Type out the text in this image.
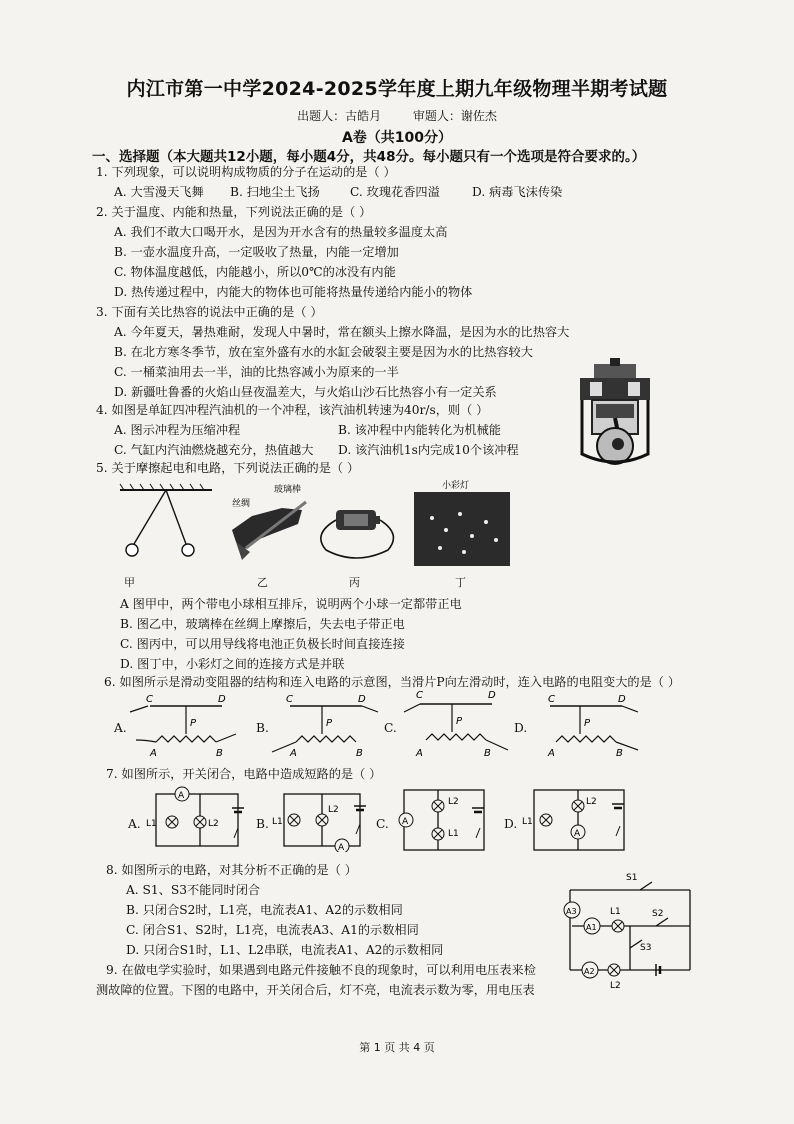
内江市第一中学2024-2025学年度上期九年级物理半期考试题
出题人：古皓月	审题人：谢佐杰
A卷（共100分）
一、选择题（本大题共12小题，每小题4分，共48分。每小题只有一个选项是符合要求的。）
1. 下列现象，可以说明构成物质的分子在运动的是（ ）
A. 大雪漫天飞舞 B. 扫地尘土飞扬 C. 玫瑰花香四溢	D. 病毒飞沫传染
2. 关于温度、内能和热量，下列说法正确的是（ ）
A. 我们不敢大口喝开水，是因为开水含有的热量较多温度太高
B. 一壶水温度升高，一定吸收了热量，内能一定增加
C. 物体温度越低，内能越小，所以0℃的冰没有内能
D. 热传递过程中，内能大的物体也可能将热量传递给内能小的物体
3. 下面有关比热容的说法中正确的是（ ）
A. 今年夏天，暑热难耐，发现人中暑时，常在额头上擦水降温，是因为水的比热容大
B. 在北方寒冬季节，放在室外盛有水的水缸会破裂主要是因为水的比热容较大
C. 一桶菜油用去一半，油的比热容减小为原来的一半
D. 新疆吐鲁番的火焰山昼夜温差大，与火焰山沙石比热容小有一定关系
4. 如图是单缸四冲程汽油机的一个冲程，该汽油机转速为40r/s，则（ ）
A. 图示冲程为压缩冲程	B. 该冲程中内能转化为机械能
C. 气缸内汽油燃烧越充分，热值越大 D. 该汽油机1s内完成10个该冲程
5. 关于摩擦起电和电路，下列说法正确的是（ ）
丝绸
玻璃棒	小彩灯
甲	乙	丙	丁
A 图甲中，两个带电小球相互排斥，说明两个小球一定都带正电
B. 图乙中，玻璃棒在丝绸上摩擦后，失去电子带正电
C. 图丙中，可以用导线将电池正负极长时间直接连接
D. 图丁中，小彩灯之间的连接方式是并联
6. 如图所示是滑动变阻器的结构和连入电路的示意图，当滑片P向左滑动时，连入电路的电阻变大的是（ ）
A.
C	D
P
A	B
B.
C	D
P
A	B
C.
C	D
P
A	B
D.
C	D
P
A	B
7. 如图所示，开关闭合，电路中造成短路的是（ ）
A.
A
L1	L2	B. L1
L2
A
C. A
L2
L1
D. L1
L2
A
8. 如图所示的电路，对其分析不正确的是（ ）
A. S1、S3不能同时闭合
B. 只闭合S2时，L1亮，电流表A1、A2的示数相同
C. 闭合S1、S2时，L1亮，电流表A3、A1的示数相同
D. 只闭合S1时，L1、L2串联，电流表A1、A2的示数相同
S1
A3
A1
L1	S2
S3
A2
L2
9. 在做电学实验时，如果遇到电路元件接触不良的现象时，可以利用电压表来检
测故障的位置。下图的电路中，开关闭合后，灯不亮，电流表示数为零，用电压表
第 1 页 共 4 页
